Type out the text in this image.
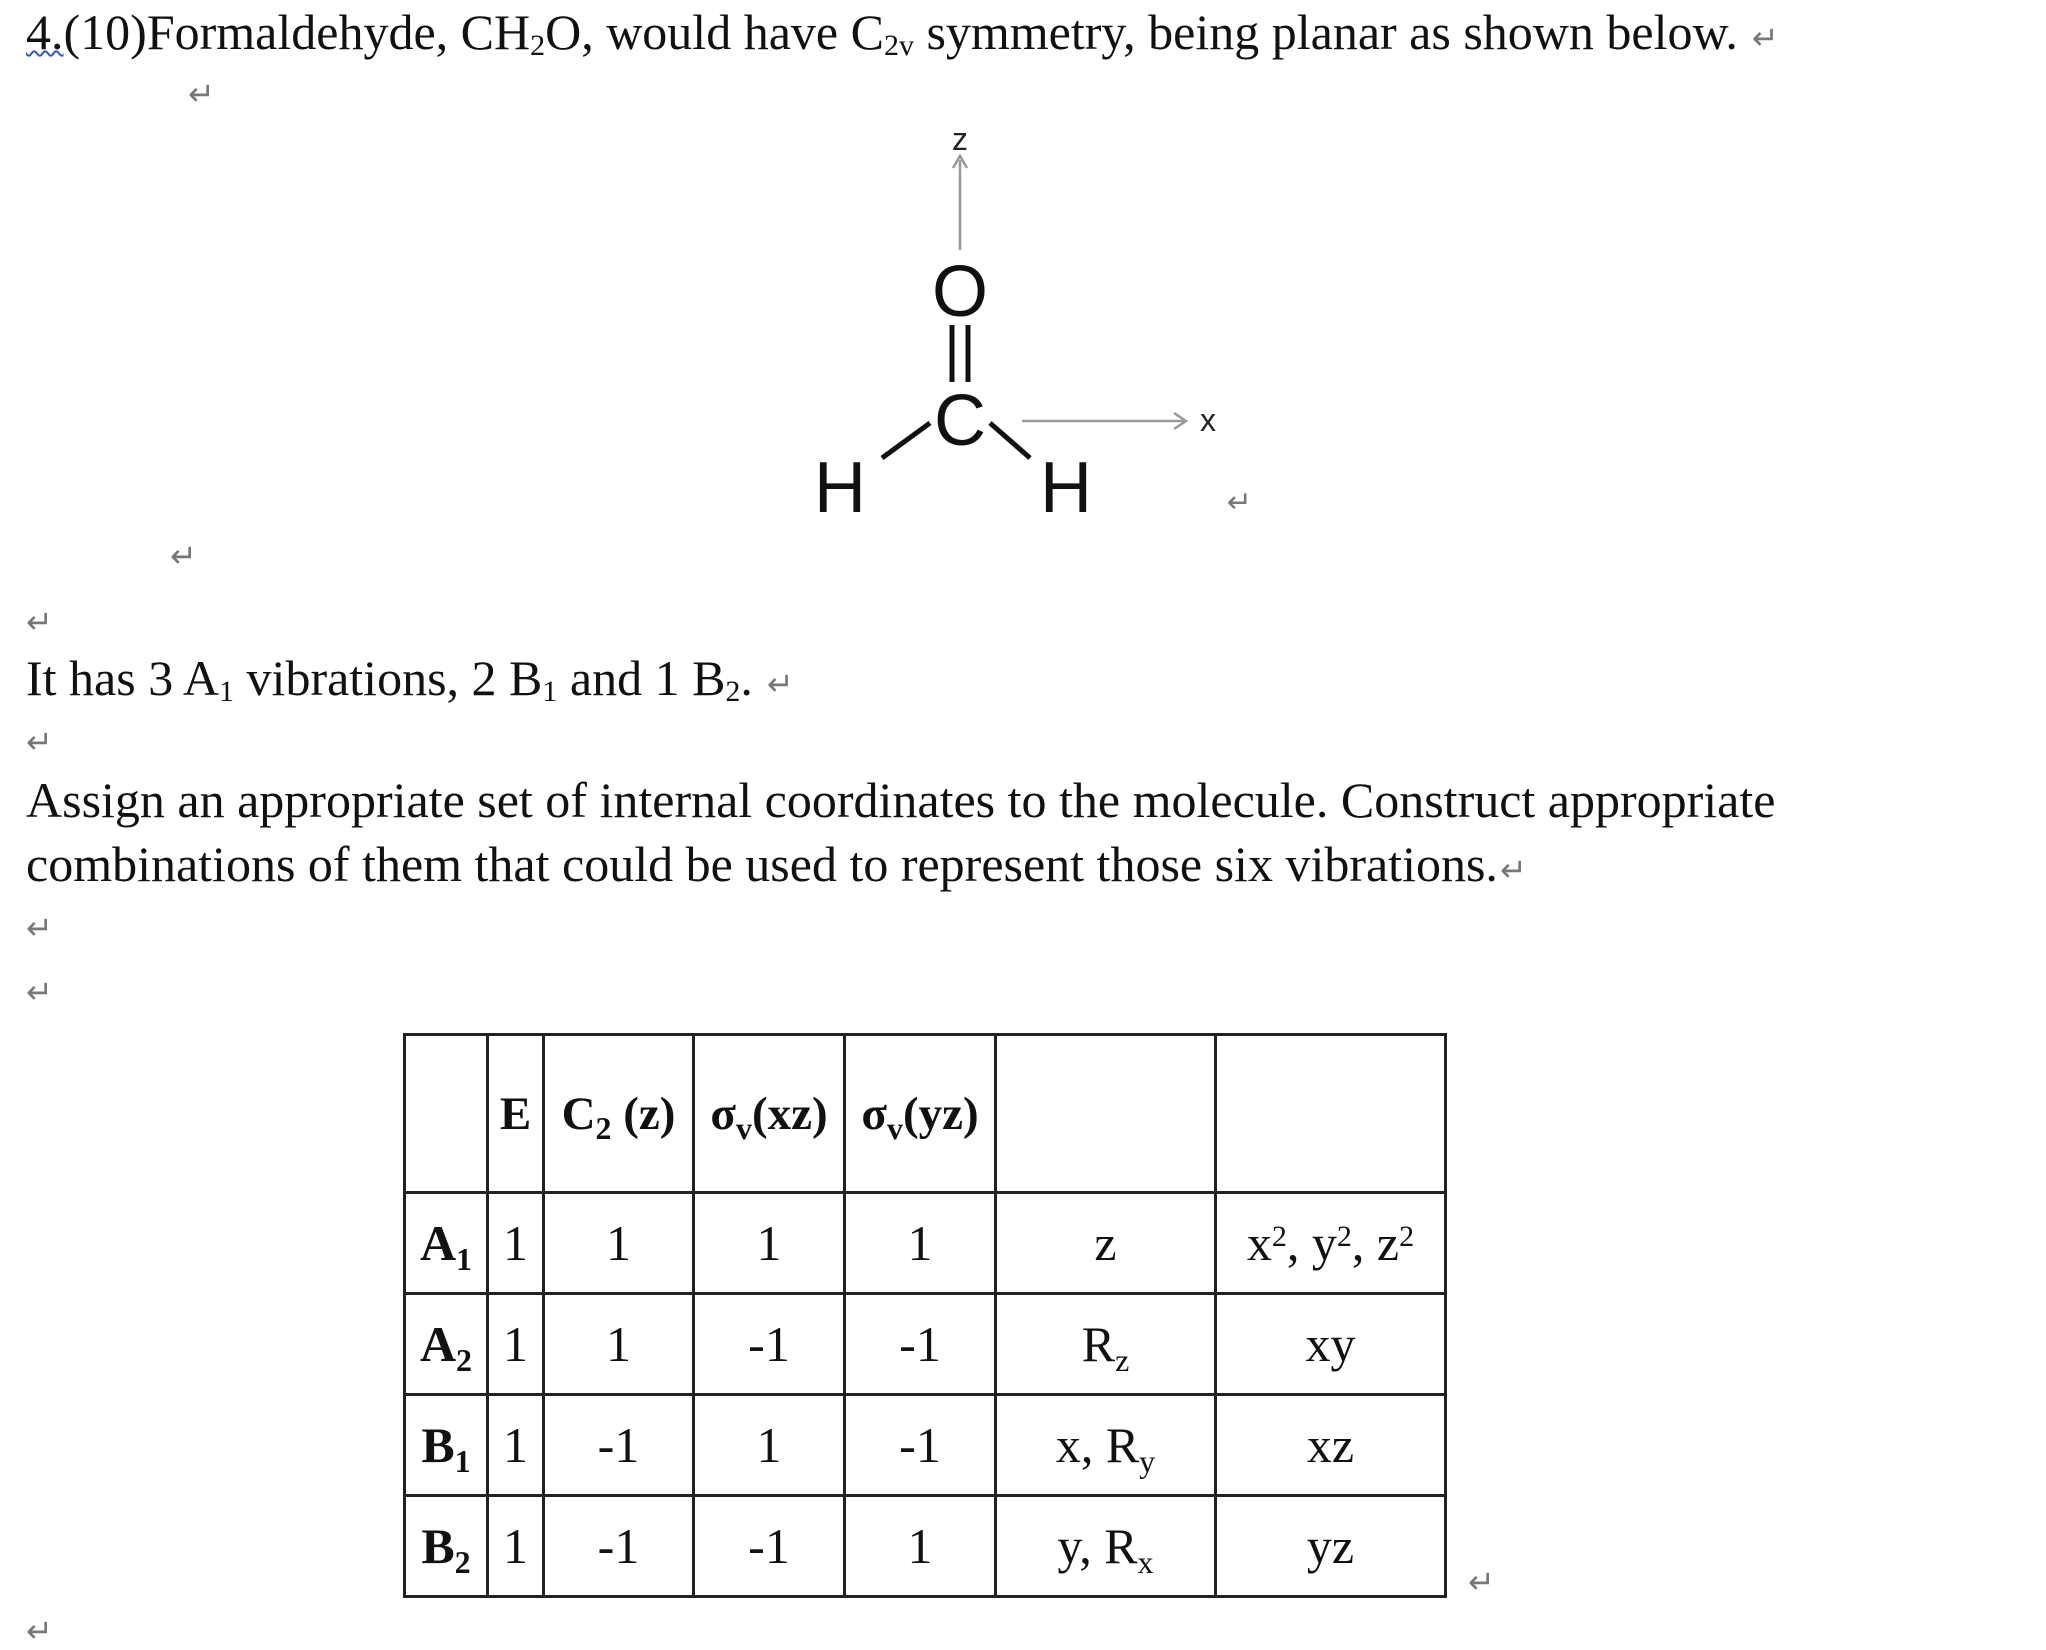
4.(10)Formaldehyde, $CH_2O$, would have $C_{2v}$ symmetry, being planar as shown below. ↵
↵
z
O
C
H H
x
↵
↵
↵
It has 3 $A_1$ vibrations, 2 $B_1$ and 1 $B_2$. ↵
↵
Assign an appropriate set of internal coordinates to the molecule. Construct appropriate
combinations of them that could be used to represent those six vibrations.↵
↵
↵
	E	$C_2$ (z)	$\sigma_v(xz)$	$\sigma_v(yz)$		
$A_1$	1	1	1	1	z	$x^2$, $y^2$, $z^2$
$A_2$	1	1	-1	-1	$R_z$	xy
$B_1$	1	-1	1	-1	x, $R_y$	xz
$B_2$	1	-1	-1	1	y, $R_x$	yz
↵
↵
